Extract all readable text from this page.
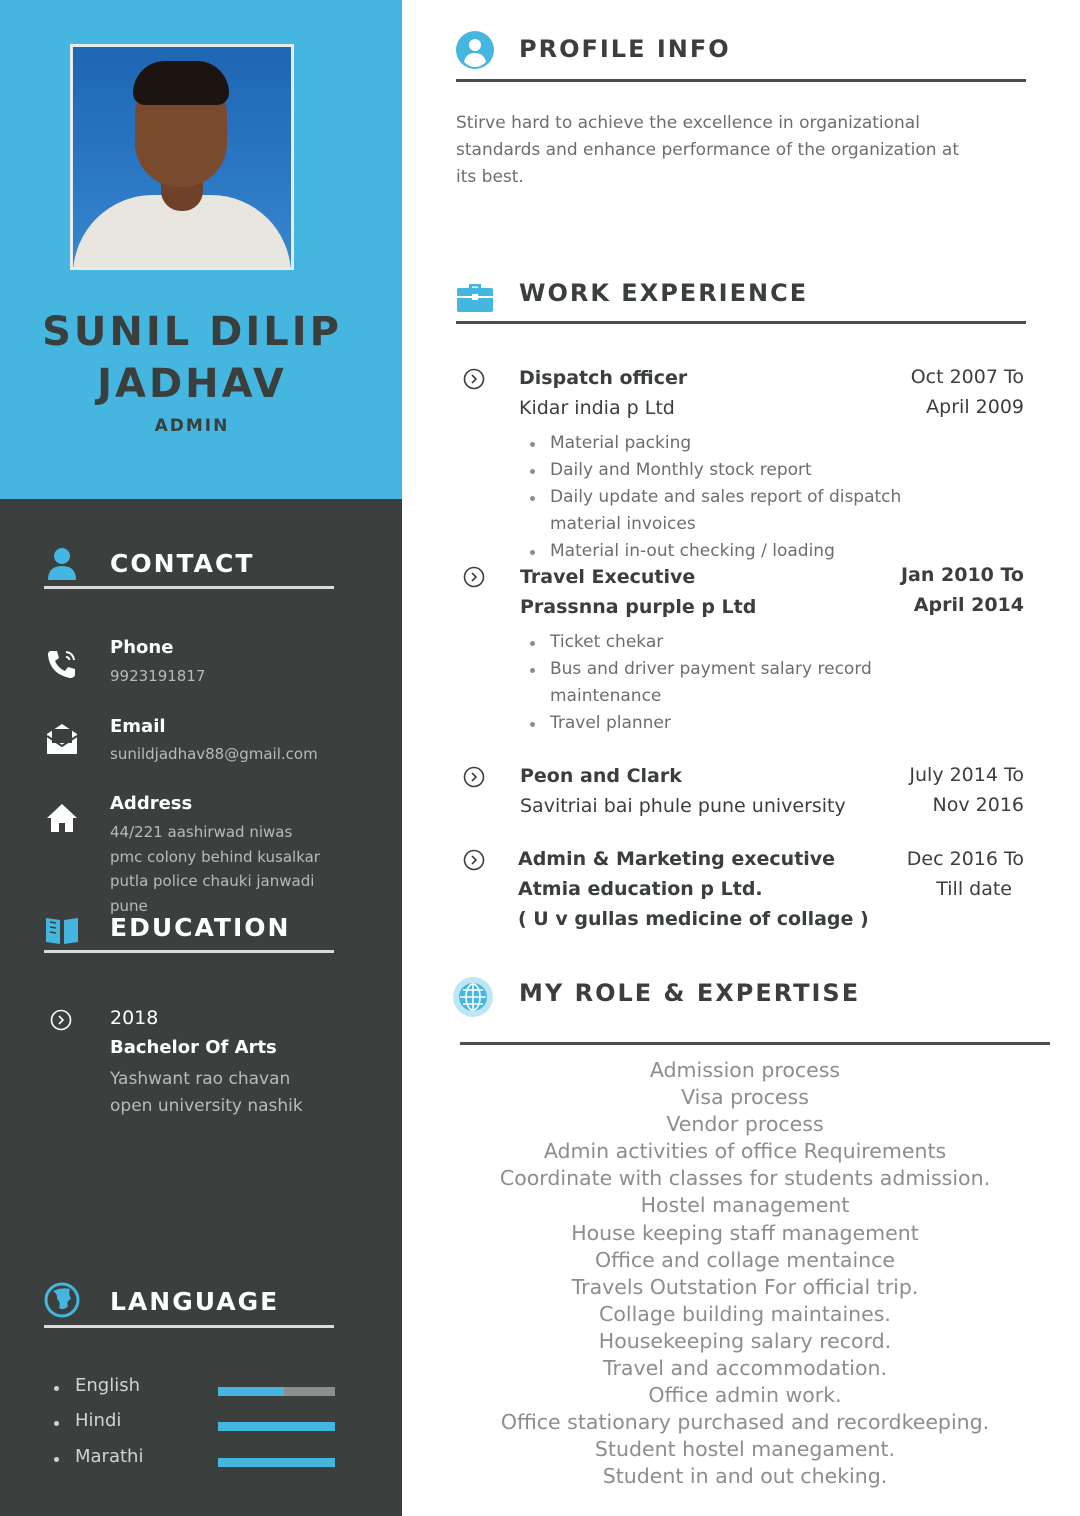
SUNIL DILIP
JADHAV
ADMIN
CONTACT
Phone
9923191817
Email
sunildjadhav88@gmail.com
Address
44/221 aashirwad niwas
pmc colony behind kusalkar
putla police chauki janwadi
pune
EDUCATION
2018
Bachelor Of Arts
Yashwant rao chavan
open university nashik
LANGUAGE
English
Hindi
Marathi
PROFILE INFO
Stirve hard to achieve the excellence in organizational
standards and enhance performance of the organization at
its best.
WORK EXPERIENCE
Dispatch officer
Kidar india p Ltd
Oct 2007 To
April 2009
Material packing
Daily and Monthly stock report
Daily update and sales report of dispatch material invoices
Material in-out checking / loading
Travel Executive
Prassnna purple p Ltd
Jan 2010 To
April 2014
Ticket chekar
Bus and driver payment salary record maintenance
Travel planner
Peon and Clark
Savitriai bai phule pune university
July 2014 To
Nov 2016
Admin & Marketing executive
Atmia education p Ltd.
( U v gullas medicine of collage )
Dec 2016 To
Till date
MY ROLE & EXPERTISE
Admission process
Visa process
Vendor process
Admin activities of office Requirements
Coordinate with classes for students admission.
Hostel management
House keeping staff management
Office and collage mentaince
Travels Outstation For official trip.
Collage building maintaines.
Housekeeping salary record.
Travel and accommodation.
Office admin work.
Office stationary purchased and recordkeeping.
Student hostel manegament.
Student in and out cheking.
